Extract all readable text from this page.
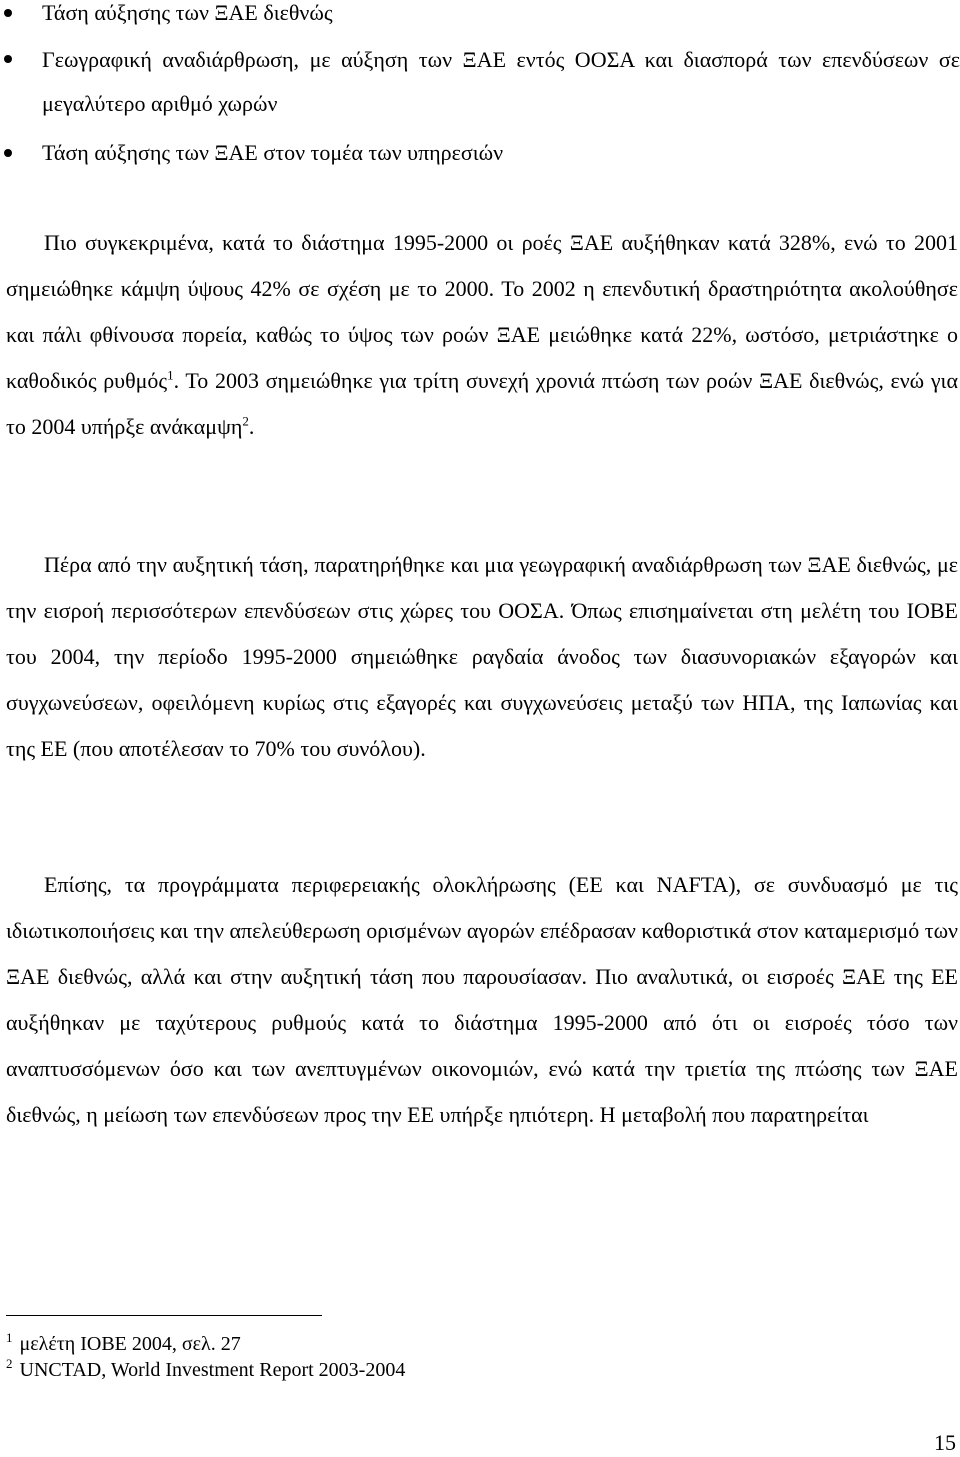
Τάση αύξησης των ΞΑΕ διεθνώς
Γεωγραφική αναδιάρθρωση, με αύξηση των ΞΑΕ εντός ΟΟΣΑ και διασπορά των επενδύσεων σε μεγαλύτερο αριθμό χωρών
Τάση αύξησης των ΞΑΕ στον τομέα των υπηρεσιών

Πιο συγκεκριμένα, κατά το διάστημα 1995-2000 οι ροές ΞΑΕ αυξήθηκαν κατά 328%, ενώ το 2001 σημειώθηκε κάμψη ύψους 42% σε σχέση με το 2000. Το 2002 η επενδυτική δραστηριότητα ακολούθησε και πάλι φθίνουσα πορεία, καθώς το ύψος των ροών ΞΑΕ μειώθηκε κατά 22%, ωστόσο, μετριάστηκε ο καθοδικός ρυθμός$^1$. Το 2003 σημειώθηκε για τρίτη συνεχή χρονιά πτώση των ροών ΞΑΕ διεθνώς, ενώ για το 2004 υπήρξε ανάκαμψη$^2$.

Πέρα από την αυξητική τάση, παρατηρήθηκε και μια γεωγραφική αναδιάρθρωση των ΞΑΕ διεθνώς, με την εισροή περισσότερων επενδύσεων στις χώρες του ΟΟΣΑ. Όπως επισημαίνεται στη μελέτη του ΙΟΒΕ του 2004, την περίοδο 1995-2000 σημειώθηκε ραγδαία άνοδος των διασυνοριακών εξαγορών και συγχωνεύσεων, οφειλόμενη κυρίως στις εξαγορές και συγχωνεύσεις μεταξύ των ΗΠΑ, της Ιαπωνίας και της ΕΕ (που αποτέλεσαν το 70% του συνόλου).

Επίσης, τα προγράμματα περιφερειακής ολοκλήρωσης (ΕΕ και NAFTA), σε συνδυασμό με τις ιδιωτικοποιήσεις και την απελεύθερωση ορισμένων αγορών επέδρασαν καθοριστικά στον καταμερισμό των ΞΑΕ διεθνώς, αλλά και στην αυξητική τάση που παρουσίασαν. Πιο αναλυτικά, οι εισροές ΞΑΕ της ΕΕ αυξήθηκαν με ταχύτερους ρυθμούς κατά το διάστημα 1995-2000 από ότι οι εισροές τόσο των αναπτυσσόμενων όσο και των ανεπτυγμένων οικονομιών, ενώ κατά την τριετία της πτώσης των ΞΑΕ διεθνώς, η μείωση των επενδύσεων προς την ΕΕ υπήρξε ηπιότερη. Η μεταβολή που παρατηρείται

$^1$ μελέτη ΙΟΒΕ 2004, σελ. 27
$^2$ UNCTAD, World Investment Report 2003-2004
15
